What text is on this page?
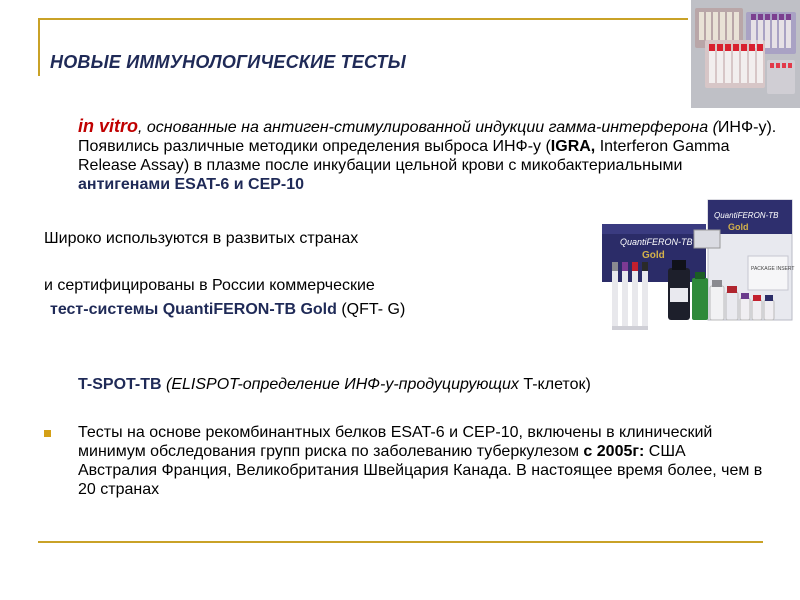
НОВЫЕ ИММУНОЛОГИЧЕСКИЕ ТЕСТЫ
in vitro, основанные на антиген-стимулированной индукции гамма-интерферона (ИНФ-у). Появились различные методики определения выброса ИНФ-у (IGRA, Interferon Gamma Release Assay) в плазме после инкубации цельной крови с микобактериальными антигенами ESAT-6 и CEP-10
Широко используются в развитых странах
и сертифицированы в России коммерческие
тест-системы QuantiFERON-TB Gold (QFT- G)
T-SPOT-TB (ELISPOT-определение ИНФ-у-продуцирующих T-клеток)
Тесты на основе рекомбинантных белков ESAT-6 и CEP-10, включены в клинический минимум обследования групп риска по заболеванию туберкулезом с 2005г: США Австралия Франция, Великобритания Швейцария Канада. В настоящее время более, чем в 20 странах
QuantiFERON-TB
Gold
PACKAGE INSERT
QuantiFERON-TB
Gold
